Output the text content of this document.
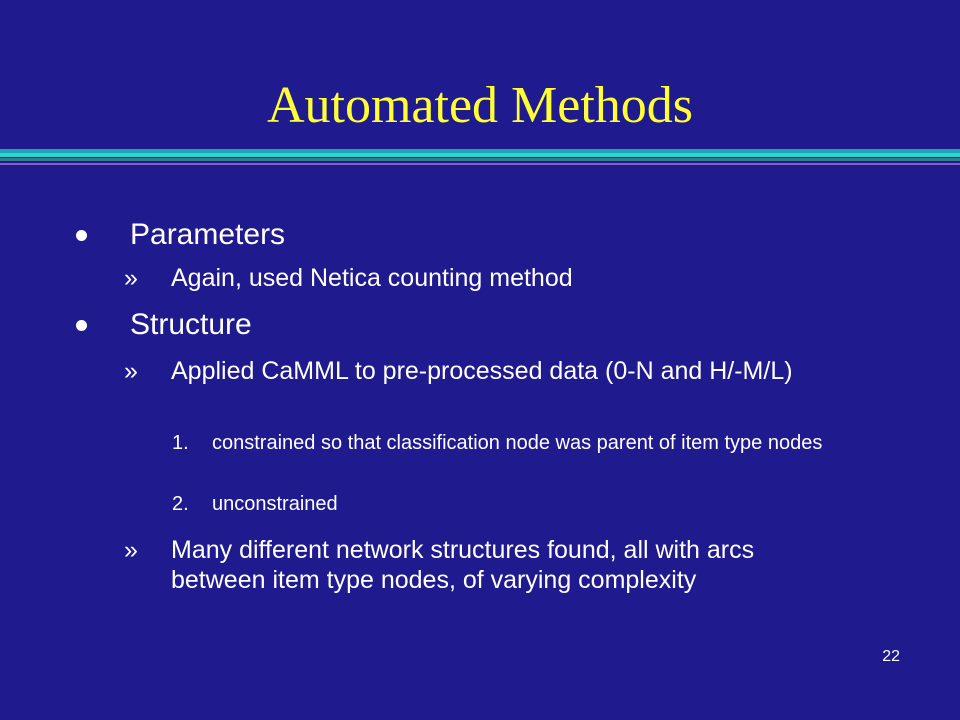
Automated Methods
Parameters
» Again, used Netica counting method
Structure
» Applied CaMML to pre-processed data (0-N and H/-M/L)
1. constrained so that classification node was parent of item type nodes
2. unconstrained
» Many different network structures found, all with arcs between item type nodes, of varying complexity
22
